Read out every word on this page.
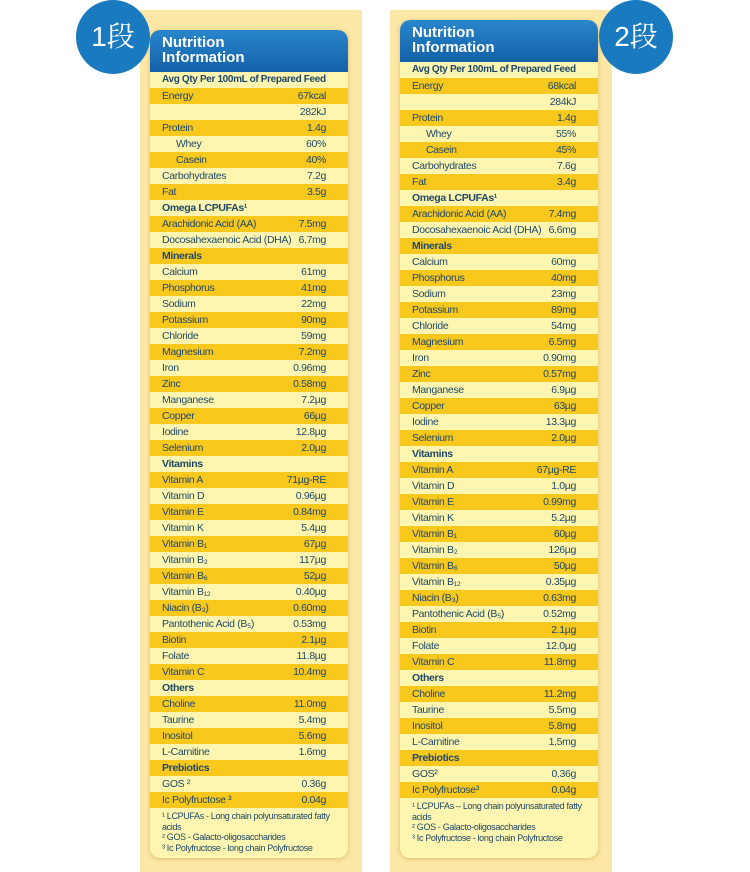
Nutrition
Information
Avg Qty Per 100mL of Prepared Feed
Energy	67kcal
282kJ
Protein	1.4g
Whey	60%
Casein	40%
Carbohydrates	7.2g
Fat	3.5g
Omega LCPUFAs¹
Arachidonic Acid (AA)	7.5mg
Docosahexaenoic Acid (DHA) 6.7mg
Minerals
Calcium	61mg
Phosphorus	41mg
Sodium	22mg
Potassium	90mg
Chloride	59mg
Magnesium	7.2mg
Iron	0.96mg
Zinc	0.58mg
Manganese	7.2µg
Copper	66µg
Iodine	12.8µg
Selenium	2.0µg
Vitamins
Vitamin A	71µg-RE
Vitamin D	0.96µg
Vitamin E	0.84mg
Vitamin K	5.4µg
Vitamin B₁	67µg
Vitamin B₂	117µg
Vitamin B₆	52µg
Vitamin B₁₂	0.40µg
Niacin (B₃)	0.60mg
Pantothenic Acid (B₅)	0.53mg
Biotin	2.1µg
Folate	11.8µg
Vitamin C	10.4mg
Others
Choline	11.0mg
Taurine	5.4mg
Inositol	5.6mg
L-Carnitine	1.6mg
Prebiotics
GOS ²	0.36g
Ic Polyfructose ³	0.04g
¹ LCPUFAs - Long chain polyunsaturated fatty acids
² GOS - Galacto-oligosaccharides
³ Ic Polyfructose - long chain Polyfructose
Nutrition
Information
Avg Qty Per 100mL of Prepared Feed
Energy	68kcal
284kJ
Protein	1.4g
Whey	55%
Casein	45%
Carbohydrates	7.6g
Fat	3.4g
Omega LCPUFAs¹
Arachidonic Acid (AA)	7.4mg
Docosahexaenoic Acid (DHA) 6.6mg
Minerals
Calcium	60mg
Phosphorus	40mg
Sodium	23mg
Potassium	89mg
Chloride	54mg
Magnesium	6.5mg
Iron	0.90mg
Zinc	0.57mg
Manganese	6.9µg
Copper	63µg
Iodine	13.3µg
Selenium	2.0µg
Vitamins
Vitamin A	67µg-RE
Vitamin D	1.0µg
Vitamin E	0.99mg
Vitamin K	5.2µg
Vitamin B₁	60µg
Vitamin B₂	126µg
Vitamin B₆	50µg
Vitamin B₁₂	0.35µg
Niacin (B₃)	0.63mg
Pantothenic Acid (B₅)	0.52mg
Biotin	2.1µg
Folate	12.0µg
Vitamin C	11.8mg
Others
Choline	11.2mg
Taurine	5.5mg
Inositol	5.8mg
L-Carnitine	1.5mg
Prebiotics
GOS²	0.36g
Ic Polyfructose³	0.04g
¹ LCPUFAs – Long chain polyunsaturated fatty acids
² GOS - Galacto-oligosaccharides
³ Ic Polyfructose - long chain Polyfructose
1段	2段
